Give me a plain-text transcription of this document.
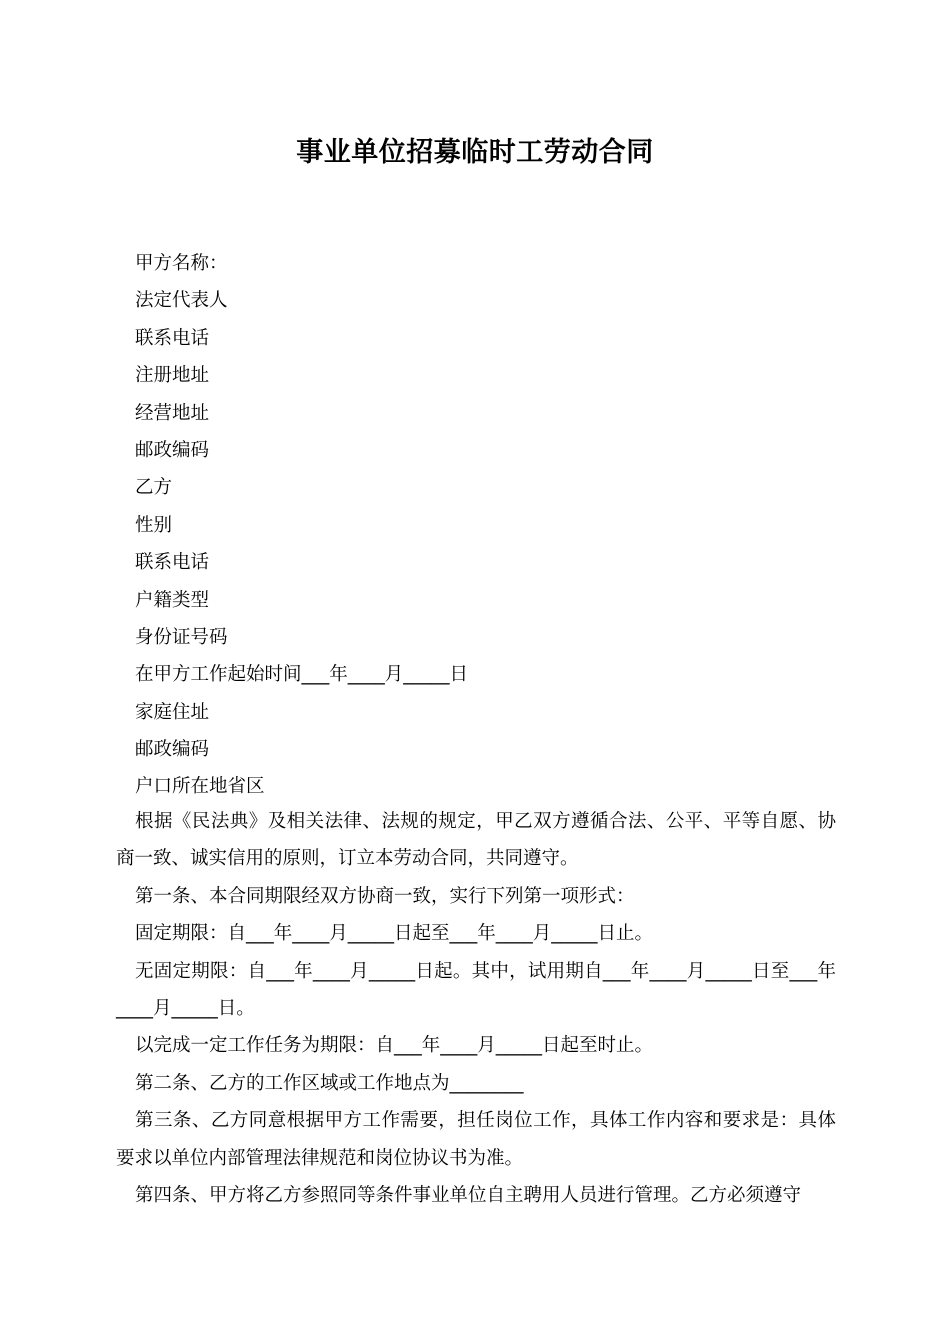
事业单位招募临时工劳动合同
甲方名称：
法定代表人
联系电话
注册地址
经营地址
邮政编码
乙方
性别
联系电话
户籍类型
身份证号码
在甲方工作起始时间___年____月_____日
家庭住址
邮政编码
户口所在地省区
根据《民法典》及相关法律、法规的规定，甲乙双方遵循合法、公平、平等自愿、协商一致、诚实信用的原则，订立本劳动合同，共同遵守。
第一条、本合同期限经双方协商一致，实行下列第一项形式：
固定期限：自___年____月_____日起至___年____月_____日止。
无固定期限：自___年____月_____日起。其中，试用期自___年____月_____日至___年____月_____日。
以完成一定工作任务为期限：自___年____月_____日起至时止。
第二条、乙方的工作区域或工作地点为________
第三条、乙方同意根据甲方工作需要，担任岗位工作，具体工作内容和要求是：具体要求以单位内部管理法律规范和岗位协议书为准。
第四条、甲方将乙方参照同等条件事业单位自主聘用人员进行管理。乙方必须遵守
